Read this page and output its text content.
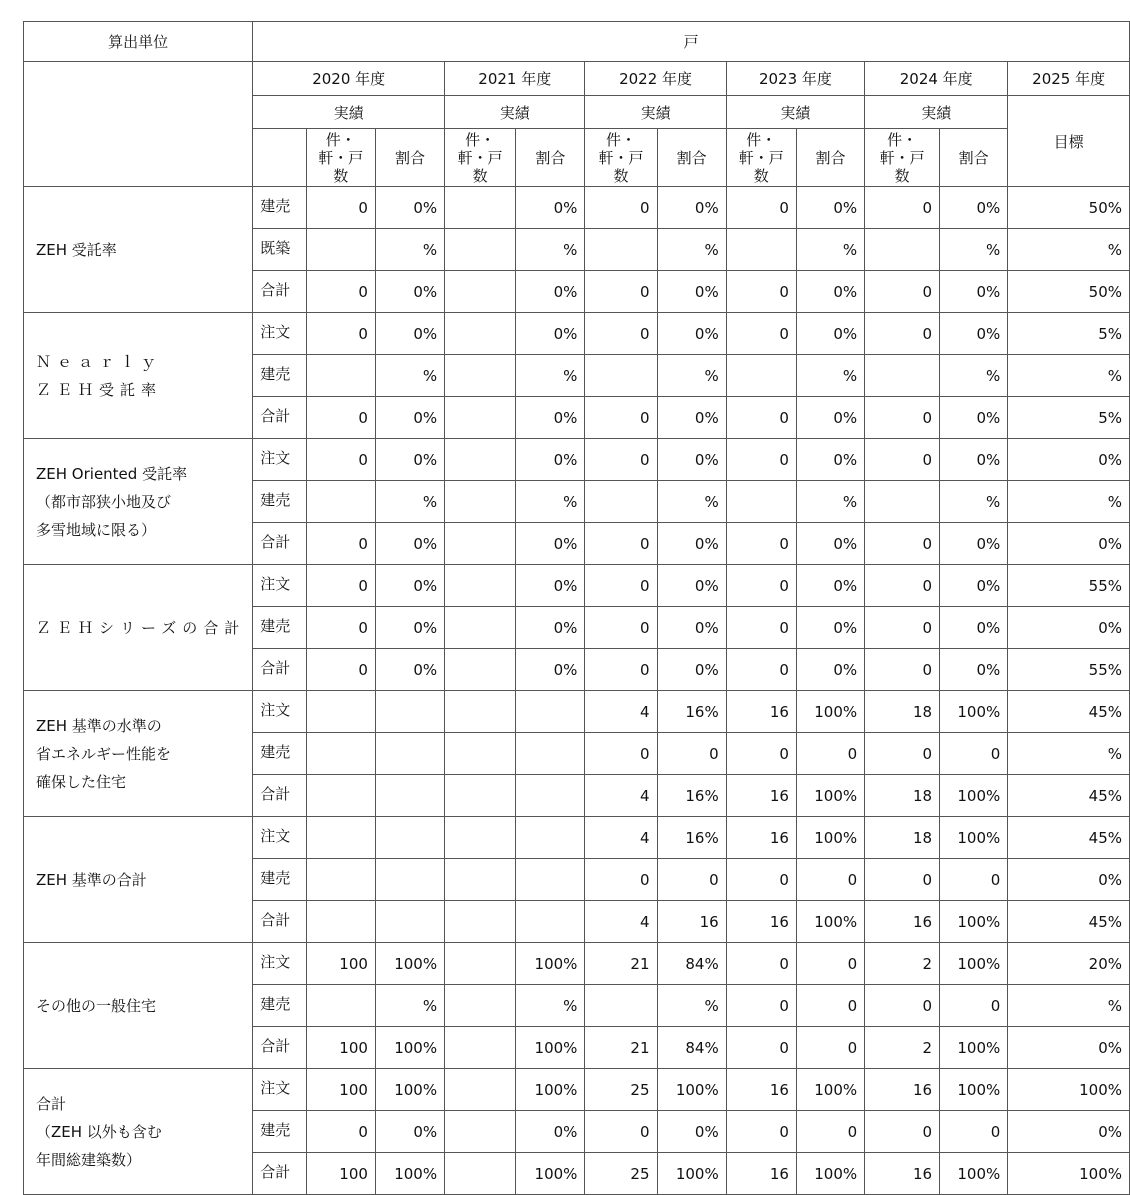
算出単位	戸											
	2020 年度			2021 年度		2022 年度		2023 年度		2024 年度		2025 年度
	実績			実績		実績		実績		実績		目標
		件・軒・戸数	割合	件・軒・戸数	割合	件・軒・戸数	割合	件・軒・戸数	割合	件・軒・戸数	割合	
ZEH 受託率	建売	0	0%		0%	0	0%	0	0%	0	0%	50%
	既築		%		%		%		%		%	%
	合計	0	0%		0%	0	0%	0	0%	0	0%	50%
Ｎｅａｒｌｙ
ＺＥＨ受託率	注文	0	0%		0%	0	0%	0	0%	0	0%	5%
	建売		%		%		%		%		%	%
	合計	0	0%		0%	0	0%	0	0%	0	0%	5%
ZEH Oriented 受託率
（都市部狭小地及び
多雪地域に限る）	注文	0	0%		0%	0	0%	0	0%	0	0%	0%
	建売		%		%		%		%		%	%
	合計	0	0%		0%	0	0%	0	0%	0	0%	0%
ＺＥＨシリーズの合計	注文	0	0%		0%	0	0%	0	0%	0	0%	55%
	建売	0	0%		0%	0	0%	0	0%	0	0%	0%
	合計	0	0%		0%	0	0%	0	0%	0	0%	55%
ZEH 基準の水準の
省エネルギー性能を
確保した住宅	注文					4	16%	16	100%	18	100%	45%
	建売					0	0	0	0	0	0	%
	合計					4	16%	16	100%	18	100%	45%
ZEH 基準の合計	注文					4	16%	16	100%	18	100%	45%
	建売					0	0	0	0	0	0	0%
	合計					4	16	16	100%	16	100%	45%
その他の一般住宅	注文	100	100%		100%	21	84%	0	0	2	100%	20%
	建売		%		%		%	0	0	0	0	%
	合計	100	100%		100%	21	84%	0	0	2	100%	0%
合計
（ZEH 以外も含む
年間総建築数）	注文	100	100%		100%	25	100%	16	100%	16	100%	100%
	建売	0	0%		0%	0	0%	0	0	0	0	0%
	合計	100	100%		100%	25	100%	16	100%	16	100%	100%
